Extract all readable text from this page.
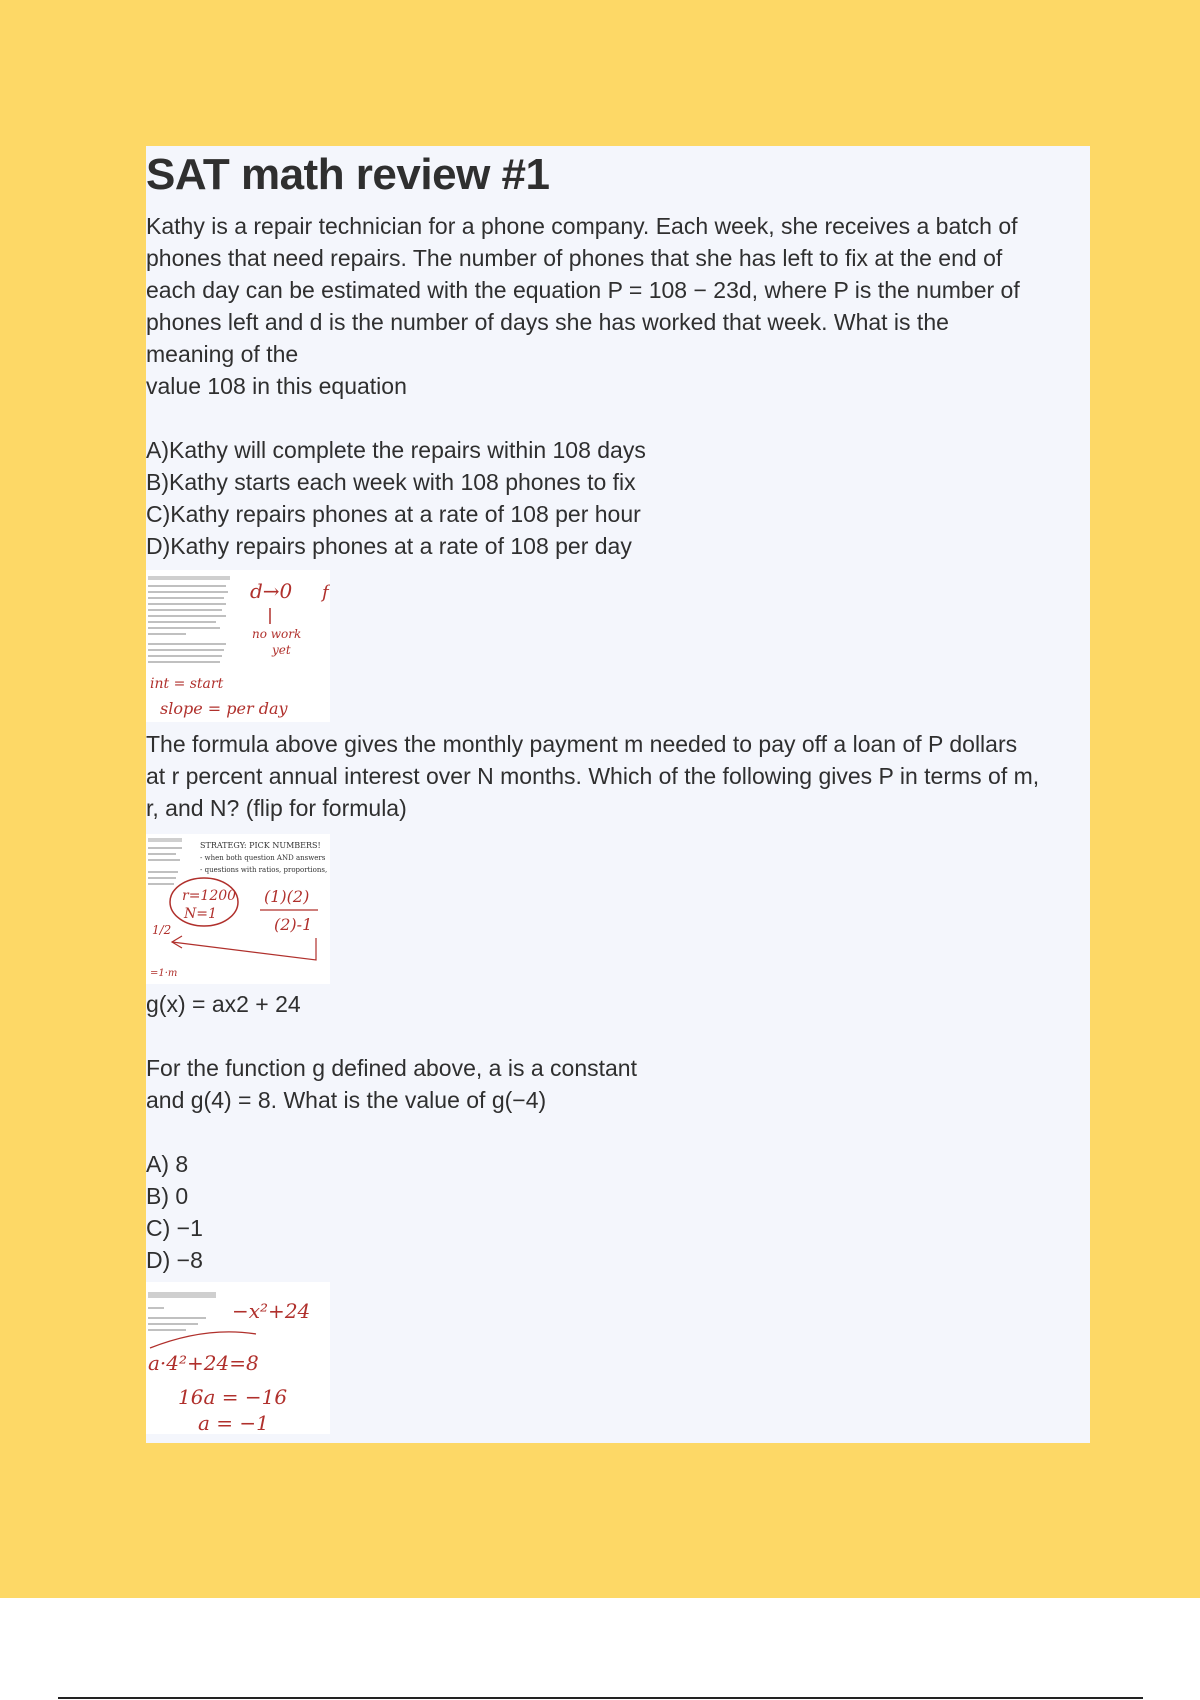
SAT math review #1

Kathy is a repair technician for a phone company. Each week, she receives a batch of

phones that need repairs. The number of phones that she has left to fix at the end of

each day can be estimated with the equation P = 108 − 23d, where P is the number of

phones left and d is the number of days she has worked that week. What is the

meaning of the

value 108 in this equation

A)Kathy will complete the repairs within 108 days

B)Kathy starts each week with 108 phones to fix

C)Kathy repairs phones at a rate of 108 per hour

D)Kathy repairs phones at a rate of 108 per day

d→0 f
no work
yet
int = start
slope = per day

The formula above gives the monthly payment m needed to pay off a loan of P dollars

at r percent annual interest over N months. Which of the following gives P in terms of m,

r, and N? (flip for formula)

STRATEGY: PICK NUMBERS!
- when both question AND answers
- questions with ratios, proportions,
r=1200
N=1
(1)(2)
(2)-1
1/2
=1·m

g(x) = ax2 + 24

For the function g defined above, a is a constant

and g(4) = 8. What is the value of g(−4)

A) 8

B) 0

C) −1

D) −8

−x²+24
a·4²+24=8
16a = −16
a = −1
